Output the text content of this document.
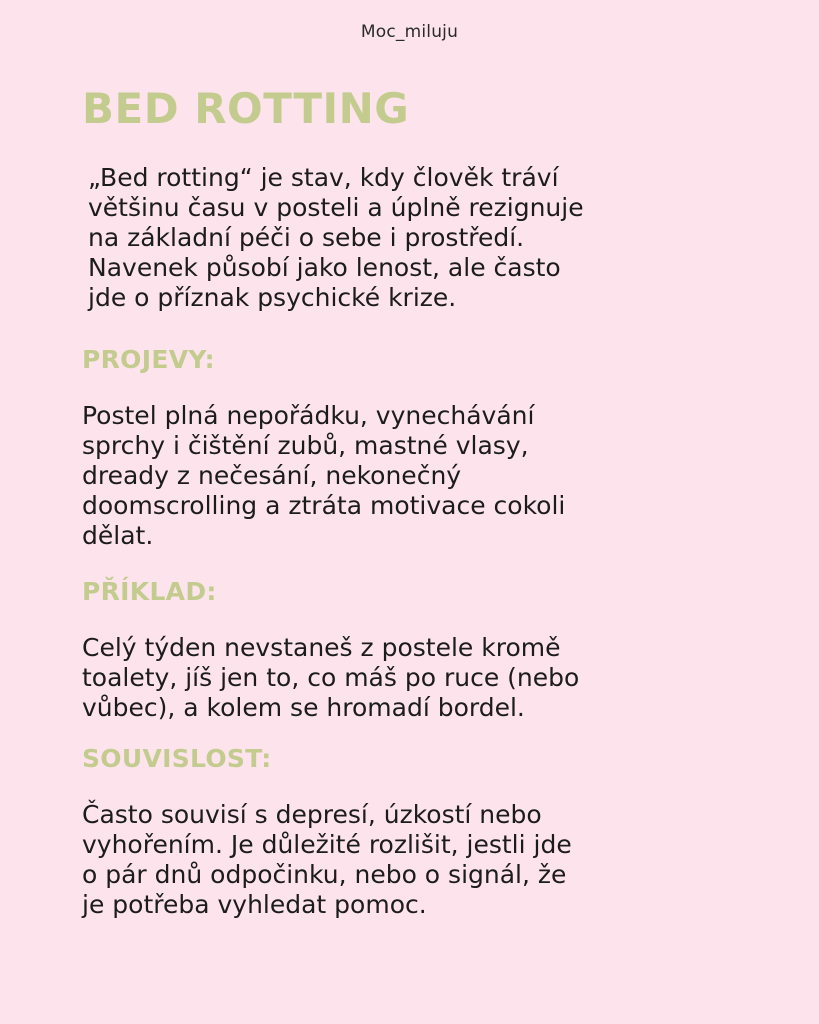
Moc_miluju
BED ROTTING

„Bed rotting“ je stav, kdy člověk tráví
většinu času v posteli a úplně rezignuje
na základní péči o sebe i prostředí.
Navenek působí jako lenost, ale často
jde o příznak psychické krize.

PROJEVY:

Postel plná nepořádku, vynechávání
sprchy i čištění zubů, mastné vlasy,
dready z nečesání, nekonečný
doomscrolling a ztráta motivace cokoli
dělat.

PŘÍKLAD:

Celý týden nevstaneš z postele kromě
toalety, jíš jen to, co máš po ruce (nebo
vůbec), a kolem se hromadí bordel.

SOUVISLOST:

Často souvisí s depresí, úzkostí nebo
vyhořením. Je důležité rozlišit, jestli jde
o pár dnů odpočinku, nebo o signál, že
je potřeba vyhledat pomoc.
